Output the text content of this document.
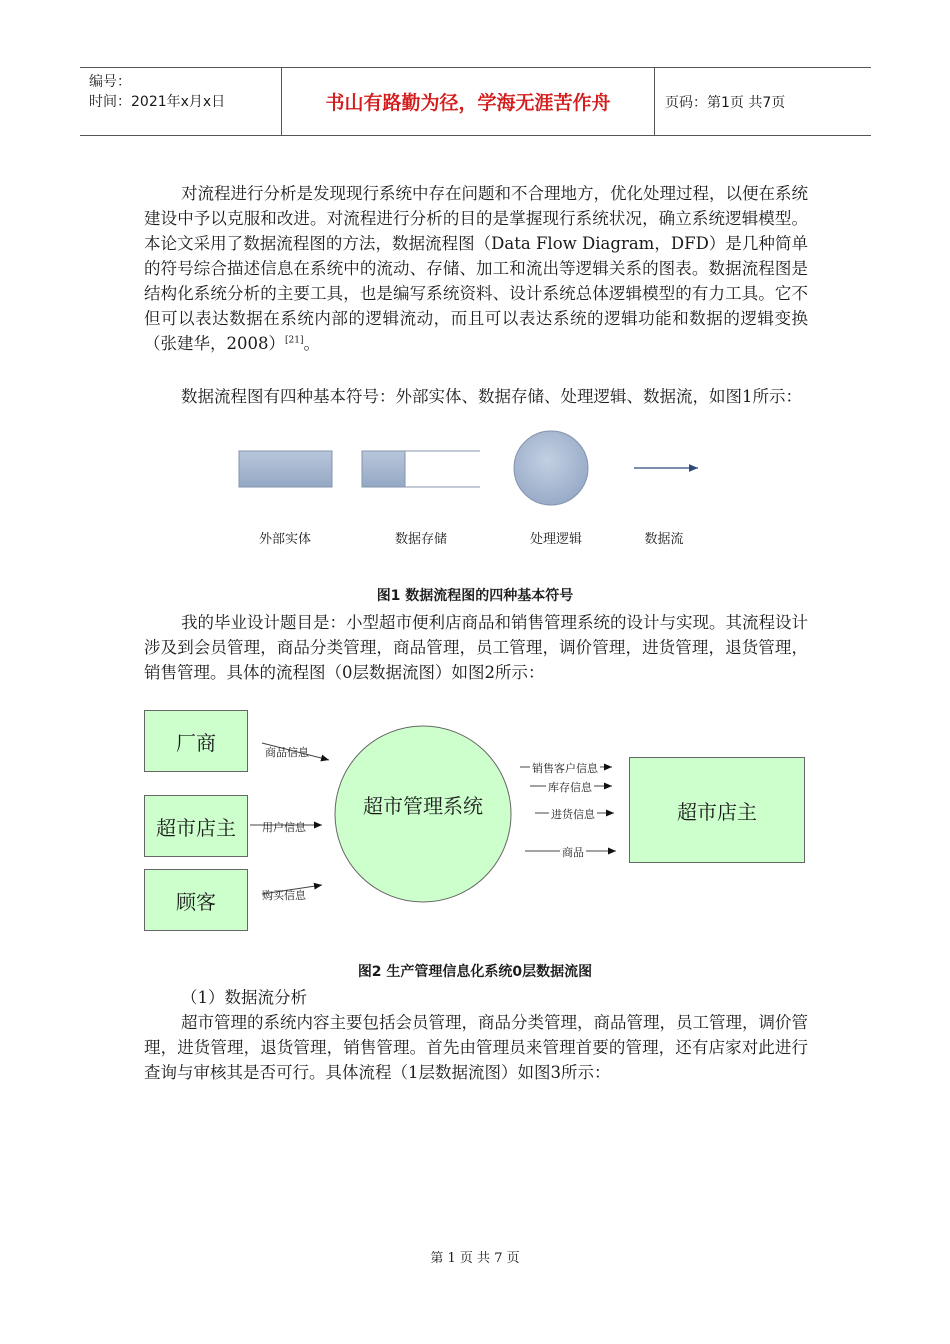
编号：
时间：2021年x月x日	书山有路勤为径，学海无涯苦作舟	页码：第1页 共7页
对流程进行分析是发现现行系统中存在问题和不合理地方，优化处理过程，以便在系统建设中予以克服和改进。对流程进行分析的目的是掌握现行系统状况，确立系统逻辑模型。本论文采用了数据流程图的方法，数据流程图（Data Flow Diagram，DFD）是几种简单的符号综合描述信息在系统中的流动、存储、加工和流出等逻辑关系的图表。数据流程图是结构化系统分析的主要工具，也是编写系统资料、设计系统总体逻辑模型的有力工具。它不但可以表达数据在系统内部的逻辑流动，而且可以表达系统的逻辑功能和数据的逻辑变换（张建华，2008）[21]。
数据流程图有四种基本符号：外部实体、数据存储、处理逻辑、数据流，如图1所示：
外部实体	数据存储	处理逻辑	数据流
图1 数据流程图的四种基本符号
我的毕业设计题目是：小型超市便利店商品和销售管理系统的设计与实现。其流程设计涉及到会员管理，商品分类管理，商品管理，员工管理，调价管理，进货管理，退货管理，销售管理。具体的流程图（0层数据流图）如图2所示：
厂商
超市店主
顾客
超市管理系统
商品信息
用户信息
购买信息
销售客户信息
库存信息
进货信息
商品
超市店主
图2 生产管理信息化系统0层数据流图
（1）数据流分析
超市管理的系统内容主要包括会员管理，商品分类管理，商品管理，员工管理，调价管理，进货管理，退货管理，销售管理。首先由管理员来管理首要的管理，还有店家对此进行查询与审核其是否可行。具体流程（1层数据流图）如图3所示：
第 1 页 共 7 页
